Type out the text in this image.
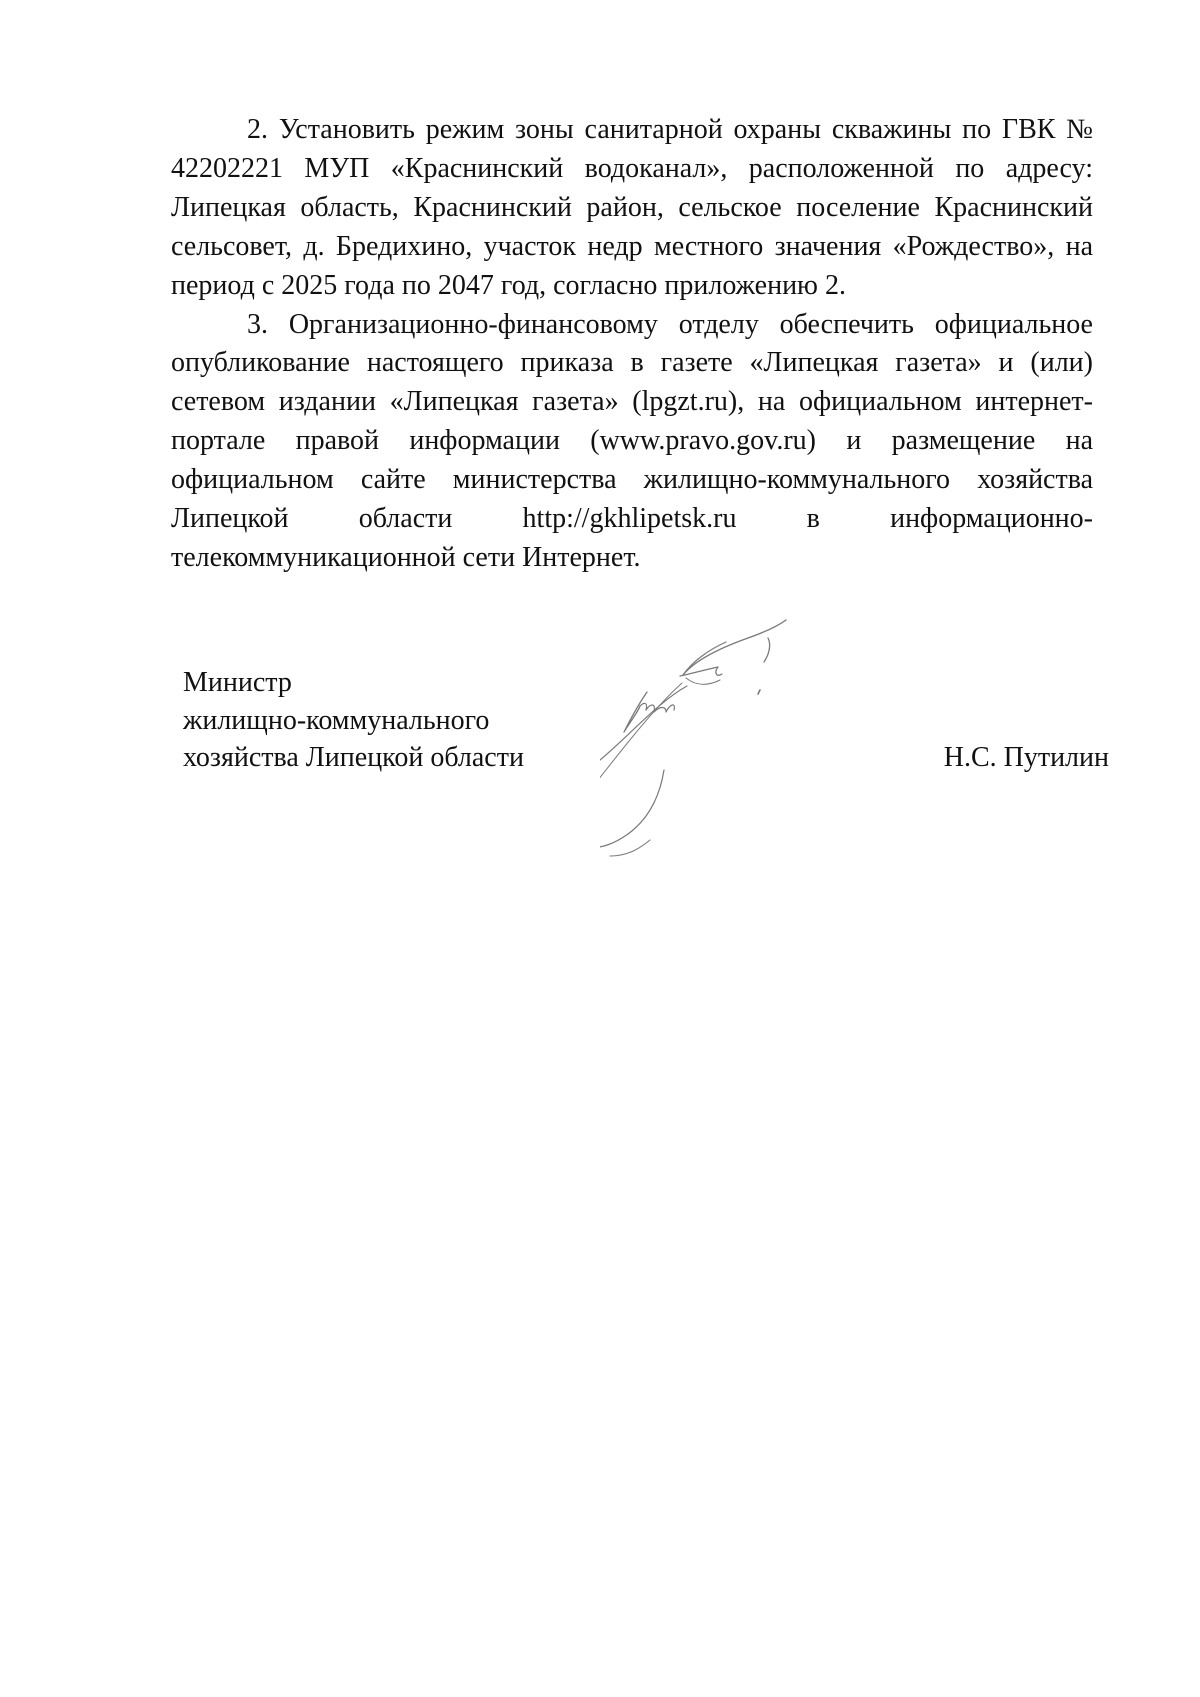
2. Установить режим зоны санитарной охраны скважины по ГВК № 42202221 МУП «Краснинский водоканал», расположенной по адресу: Липецкая область, Краснинский район, сельское поселение Краснинский сельсовет, д. Бредихино, участок недр местного значения «Рождество», на период с 2025 года по 2047 год, согласно приложению 2.

3. Организационно-финансовому отделу обеспечить официальное опубликование настоящего приказа в газете «Липецкая газета» и (или) сетевом издании «Липецкая газета» (lpgzt.ru), на официальном интернет-портале правой информации (www.pravo.gov.ru) и размещение на официальном сайте министерства жилищно-коммунального хозяйства Липецкой области http://gkhlipetsk.ru в информационно-телекоммуникационной сети Интернет.

Министр
жилищно-коммунального
хозяйства Липецкой области	Н.С. Путилин
